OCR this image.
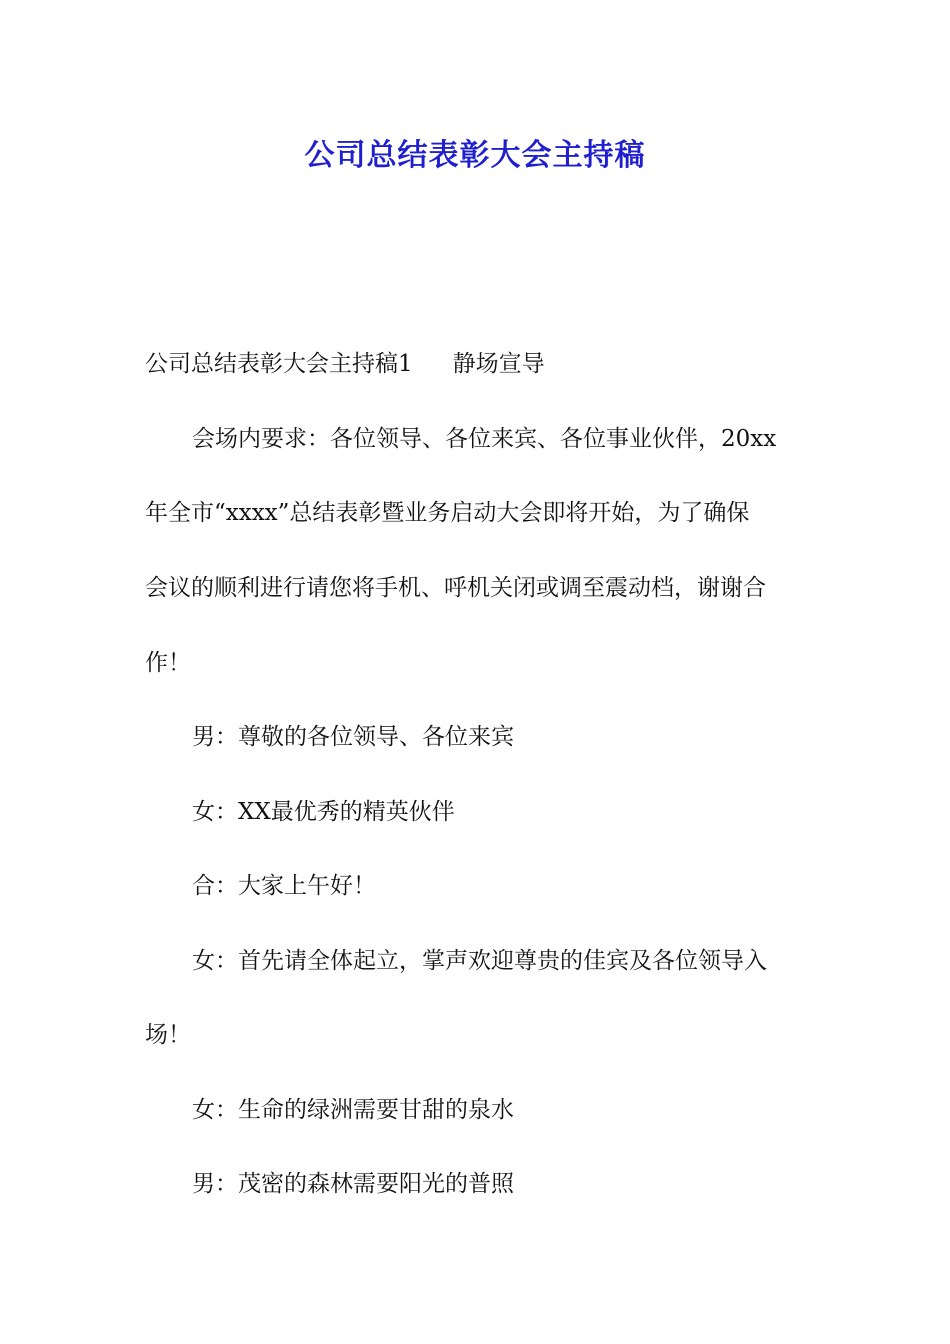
公司总结表彰大会主持稿

公司总结表彰大会主持稿1 静场宣导

会场内要求：各位领导、各位来宾、各位事业伙伴，20xx

年全市“xxxx”总结表彰暨业务启动大会即将开始，为了确保

会议的顺利进行请您将手机、呼机关闭或调至震动档，谢谢合

作！

男：尊敬的各位领导、各位来宾

女：XX最优秀的精英伙伴

合：大家上午好！

女：首先请全体起立，掌声欢迎尊贵的佳宾及各位领导入

场！

女：生命的绿洲需要甘甜的泉水

男：茂密的森林需要阳光的普照
